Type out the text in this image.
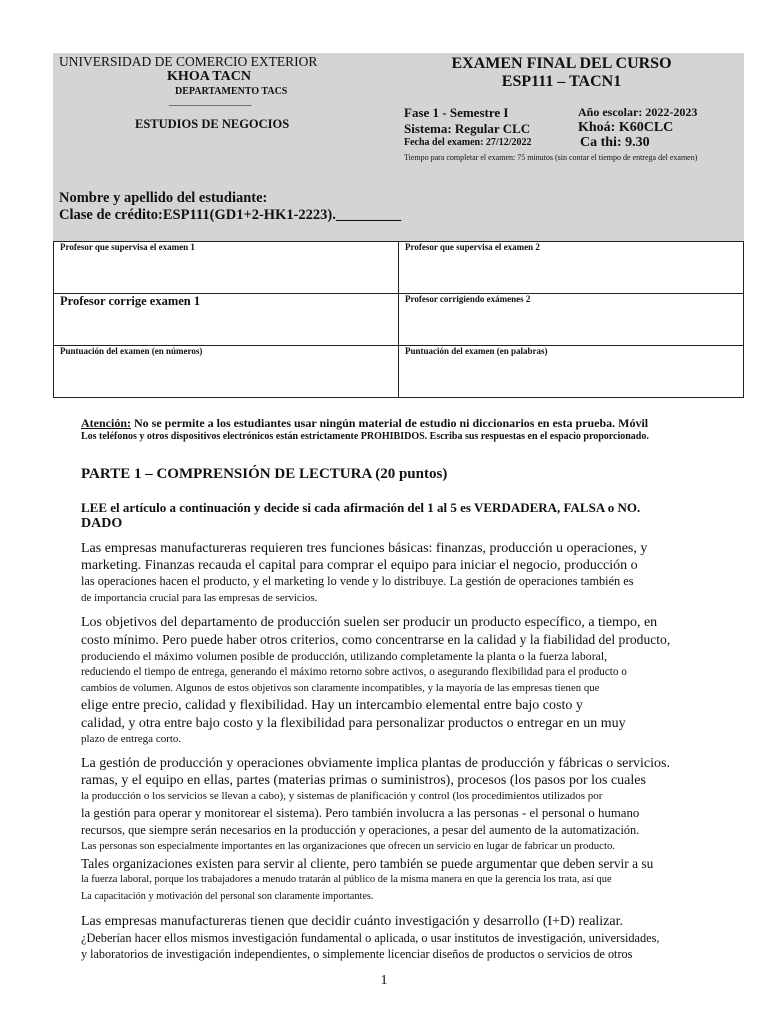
UNIVERSIDAD DE COMERCIO EXTERIOR
KHOA TACN
DEPARTAMENTO TACS
_______________
ESTUDIOS DE NEGOCIOS
EXAMEN FINAL DEL CURSO
ESP111 – TACN1
Fase 1 - Semestre I	Año escolar: 2022-2023
Sistema: Regular CLC	Khoá: K60CLC
Fecha del examen: 27/12/2022	Ca thi: 9.30
Tiempo para completar el examen: 75 minutos (sin contar el tiempo de entrega del examen)
Nombre y apellido del estudiante:
Clase de crédito:ESP111(GD1+2-HK1-2223)._________
Profesor que supervisa el examen 1	Profesor que supervisa el examen 2
Profesor corrige examen 1	Profesor corrigiendo exámenes 2
Puntuación del examen (en números)	Puntuación del examen (en palabras)
Atención: No se permite a los estudiantes usar ningún material de estudio ni diccionarios en esta prueba. Móvil
Los teléfonos y otros dispositivos electrónicos están estrictamente PROHIBIDOS. Escriba sus respuestas en el espacio proporcionado.
PARTE 1 – COMPRENSIÓN DE LECTURA (20 puntos)
LEE el artículo a continuación y decide si cada afirmación del 1 al 5 es VERDADERA, FALSA o NO.
DADO
Las empresas manufactureras requieren tres funciones básicas: finanzas, producción u operaciones, y
marketing. Finanzas recauda el capital para comprar el equipo para iniciar el negocio, producción o
las operaciones hacen el producto, y el marketing lo vende y lo distribuye. La gestión de operaciones también es
de importancia crucial para las empresas de servicios.
Los objetivos del departamento de producción suelen ser producir un producto específico, a tiempo, en
costo mínimo. Pero puede haber otros criterios, como concentrarse en la calidad y la fiabilidad del producto,
produciendo el máximo volumen posible de producción, utilizando completamente la planta o la fuerza laboral,
reduciendo el tiempo de entrega, generando el máximo retorno sobre activos, o asegurando flexibilidad para el producto o
cambios de volumen. Algunos de estos objetivos son claramente incompatibles, y la mayoría de las empresas tienen que
elige entre precio, calidad y flexibilidad. Hay un intercambio elemental entre bajo costo y
calidad, y otra entre bajo costo y la flexibilidad para personalizar productos o entregar en un muy
plazo de entrega corto.
La gestión de producción y operaciones obviamente implica plantas de producción y fábricas o servicios.
ramas, y el equipo en ellas, partes (materias primas o suministros), procesos (los pasos por los cuales
la producción o los servicios se llevan a cabo), y sistemas de planificación y control (los procedimientos utilizados por
la gestión para operar y monitorear el sistema). Pero también involucra a las personas - el personal o humano
recursos, que siempre serán necesarios en la producción y operaciones, a pesar del aumento de la automatización.
Las personas son especialmente importantes en las organizaciones que ofrecen un servicio en lugar de fabricar un producto.
Tales organizaciones existen para servir al cliente, pero también se puede argumentar que deben servir a su
la fuerza laboral, porque los trabajadores a menudo tratarán al público de la misma manera en que la gerencia los trata, así que
La capacitación y motivación del personal son claramente importantes.
Las empresas manufactureras tienen que decidir cuánto investigación y desarrollo (I+D) realizar.
¿Deberían hacer ellos mismos investigación fundamental o aplicada, o usar institutos de investigación, universidades,
y laboratorios de investigación independientes, o simplemente licenciar diseños de productos o servicios de otros
1
